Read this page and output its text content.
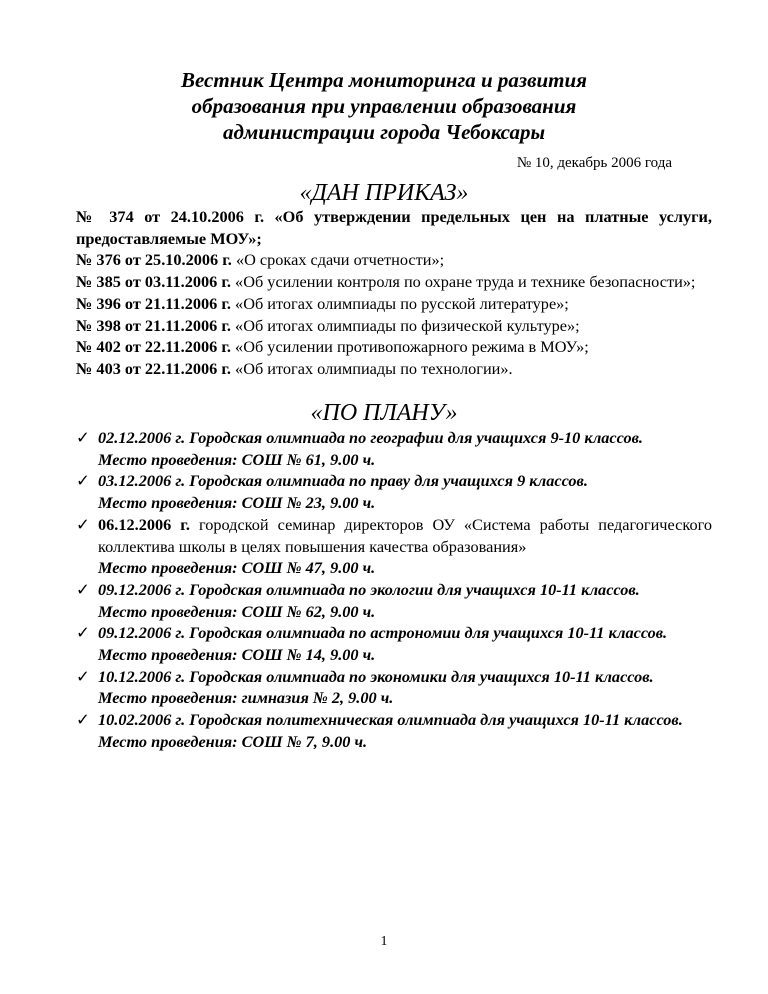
Вестник Центра мониторинга и развития
образования при управлении образования
администрации города Чебоксары
№ 10, декабрь 2006 года
«ДАН ПРИКАЗ»
№ 374 от 24.10.2006 г. «Об утверждении предельных цен на платные услуги, предоставляемые МОУ»;
№ 376 от 25.10.2006 г. «О сроках сдачи отчетности»;
№ 385 от 03.11.2006 г. «Об усилении контроля по охране труда и технике безопасности»;
№ 396 от 21.11.2006 г. «Об итогах олимпиады по русской литературе»;
№ 398 от 21.11.2006 г. «Об итогах олимпиады по физической культуре»;
№ 402 от 22.11.2006 г. «Об усилении противопожарного режима в МОУ»;
№ 403 от 22.11.2006 г. «Об итогах олимпиады по технологии».
«ПО ПЛАНУ»
✓ 02.12.2006 г. Городская олимпиада по географии для учащихся 9-10 классов.
Место проведения: СОШ № 61, 9.00 ч.
✓ 03.12.2006 г. Городская олимпиада по праву для учащихся 9 классов.
Место проведения: СОШ № 23, 9.00 ч.
✓ 06.12.2006 г. городской семинар директоров ОУ «Система работы педагогического коллектива школы в целях повышения качества образования»
Место проведения: СОШ № 47, 9.00 ч.
✓ 09.12.2006 г. Городская олимпиада по экологии для учащихся 10-11 классов.
Место проведения: СОШ № 62, 9.00 ч.
✓ 09.12.2006 г. Городская олимпиада по астрономии для учащихся 10-11 классов.
Место проведения: СОШ № 14, 9.00 ч.
✓ 10.12.2006 г. Городская олимпиада по экономики для учащихся 10-11 классов.
Место проведения: гимназия № 2, 9.00 ч.
✓ 10.02.2006 г. Городская политехническая олимпиада для учащихся 10-11 классов.
Место проведения: СОШ № 7, 9.00 ч.
1
